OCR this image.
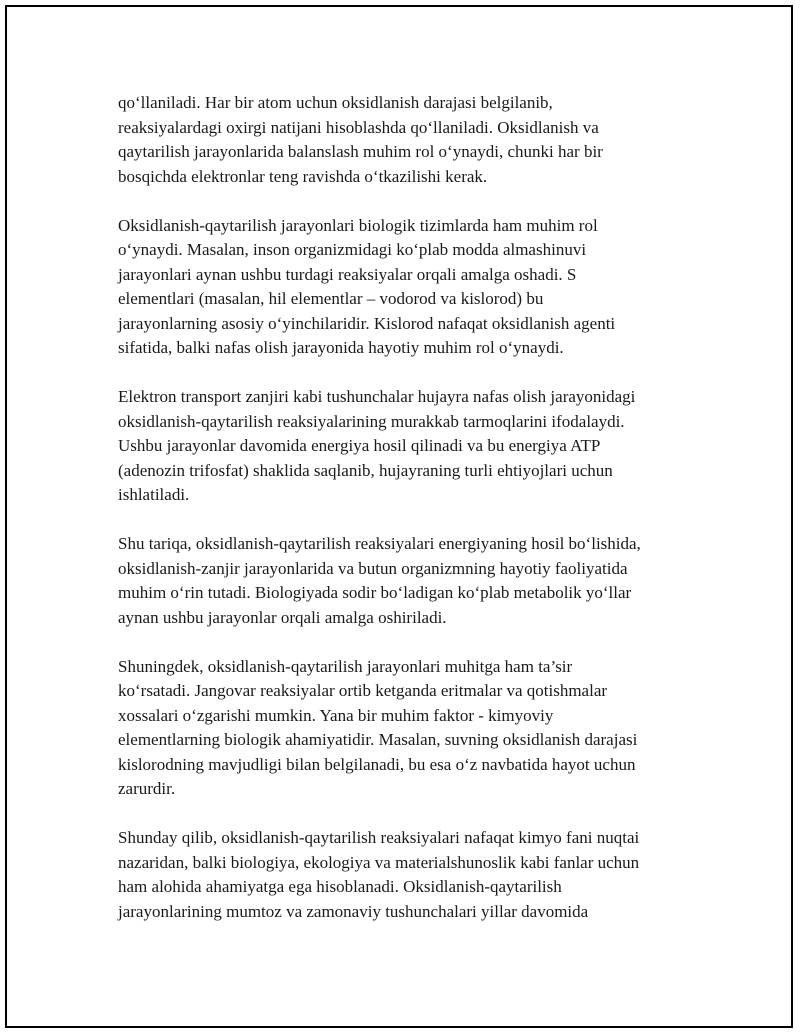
qo‘llaniladi. Har bir atom uchun oksidlanish darajasi belgilanib,
reaksiyalardagi oxirgi natijani hisoblashda qo‘llaniladi. Oksidlanish va
qaytarilish jarayonlarida balanslash muhim rol o‘ynaydi, chunki har bir
bosqichda elektronlar teng ravishda o‘tkazilishi kerak.
Oksidlanish-qaytarilish jarayonlari biologik tizimlarda ham muhim rol
o‘ynaydi. Masalan, inson organizmidagi ko‘plab modda almashinuvi
jarayonlari aynan ushbu turdagi reaksiyalar orqali amalga oshadi. S
elementlari (masalan, hil elementlar – vodorod va kislorod) bu
jarayonlarning asosiy o‘yinchilaridir. Kislorod nafaqat oksidlanish agenti
sifatida, balki nafas olish jarayonida hayotiy muhim rol o‘ynaydi.
Elektron transport zanjiri kabi tushunchalar hujayra nafas olish jarayonidagi
oksidlanish-qaytarilish reaksiyalarining murakkab tarmoqlarini ifodalaydi.
Ushbu jarayonlar davomida energiya hosil qilinadi va bu energiya ATP
(adenozin trifosfat) shaklida saqlanib, hujayraning turli ehtiyojlari uchun
ishlatiladi.
Shu tariqa, oksidlanish-qaytarilish reaksiyalari energiyaning hosil bo‘lishida,
oksidlanish-zanjir jarayonlarida va butun organizmning hayotiy faoliyatida
muhim o‘rin tutadi. Biologiyada sodir bo‘ladigan ko‘plab metabolik yo‘llar
aynan ushbu jarayonlar orqali amalga oshiriladi.
Shuningdek, oksidlanish-qaytarilish jarayonlari muhitga ham ta’sir
ko‘rsatadi. Jangovar reaksiyalar ortib ketganda eritmalar va qotishmalar
xossalari o‘zgarishi mumkin. Yana bir muhim faktor - kimyoviy
elementlarning biologik ahamiyatidir. Masalan, suvning oksidlanish darajasi
kislorodning mavjudligi bilan belgilanadi, bu esa o‘z navbatida hayot uchun
zarurdir.
Shunday qilib, oksidlanish-qaytarilish reaksiyalari nafaqat kimyo fani nuqtai
nazaridan, balki biologiya, ekologiya va materialshunoslik kabi fanlar uchun
ham alohida ahamiyatga ega hisoblanadi. Oksidlanish-qaytarilish
jarayonlarining mumtoz va zamonaviy tushunchalari yillar davomida
